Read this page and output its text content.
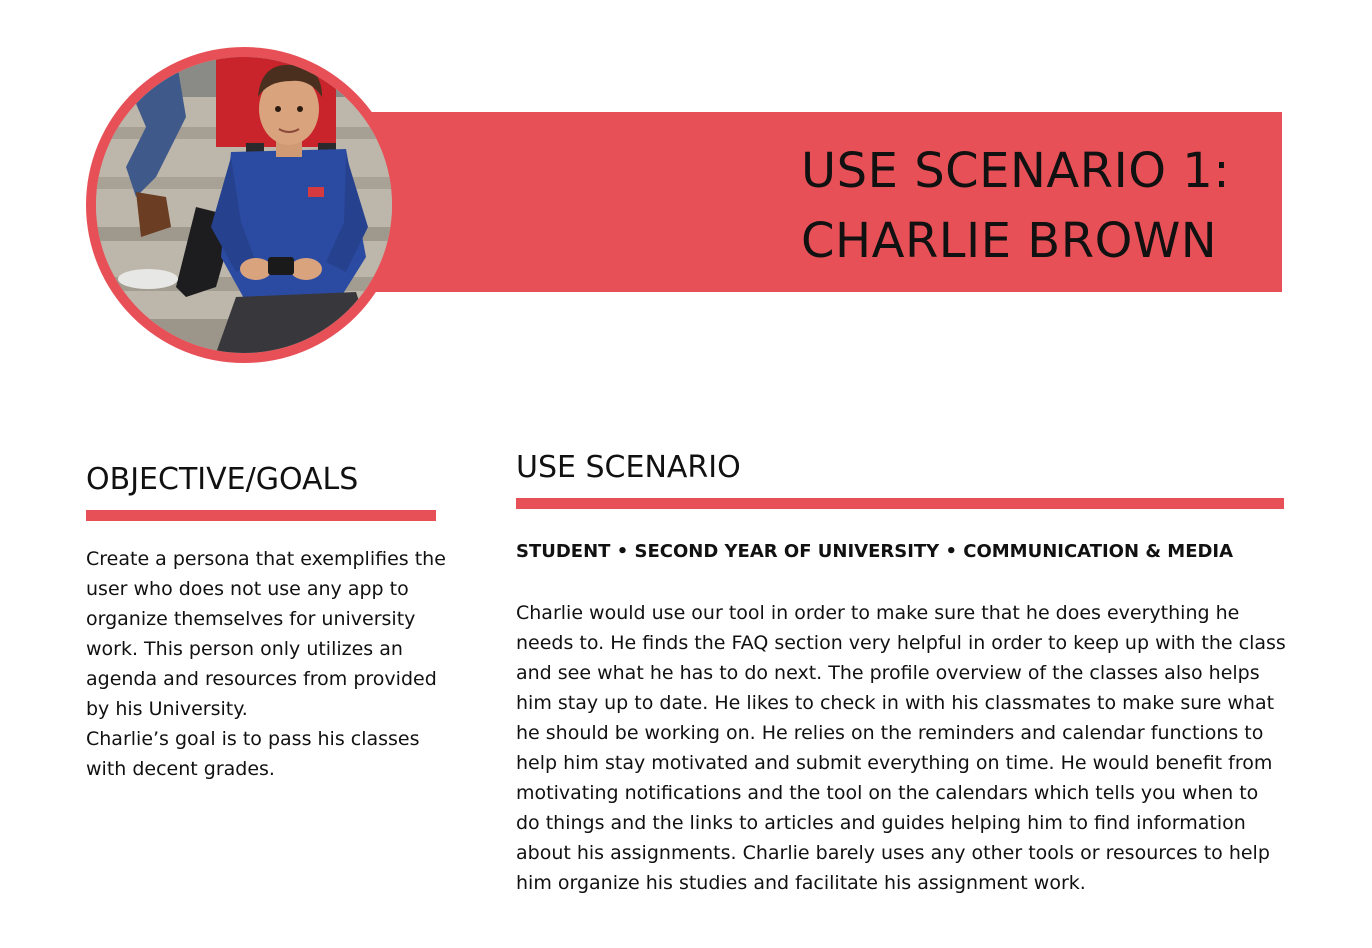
USE SCENARIO 1:
CHARLIE BROWN
OBJECTIVE/GOALS

Create a persona that exemplifies the user who does not use any app to organize themselves for university work. This person only utilizes an agenda and resources from provided by his University.

Charlie’s goal is to pass his classes with decent grades.

USE SCENARIO

STUDENT • SECOND YEAR OF UNIVERSITY • COMMUNICATION & MEDIA

Charlie would use our tool in order to make sure that he does everything he needs to. He finds the FAQ section very helpful in order to keep up with the class and see what he has to do next. The profile overview of the classes also helps him stay up to date. He likes to check in with his classmates to make sure what he should be working on. He relies on the reminders and calendar functions to help him stay motivated and submit everything on time. He would benefit from motivating notifications and the tool on the calendars which tells you when to do things and the links to articles and guides helping him to find information about his assignments. Charlie barely uses any other tools or resources to help him organize his studies and facilitate his assignment work.
